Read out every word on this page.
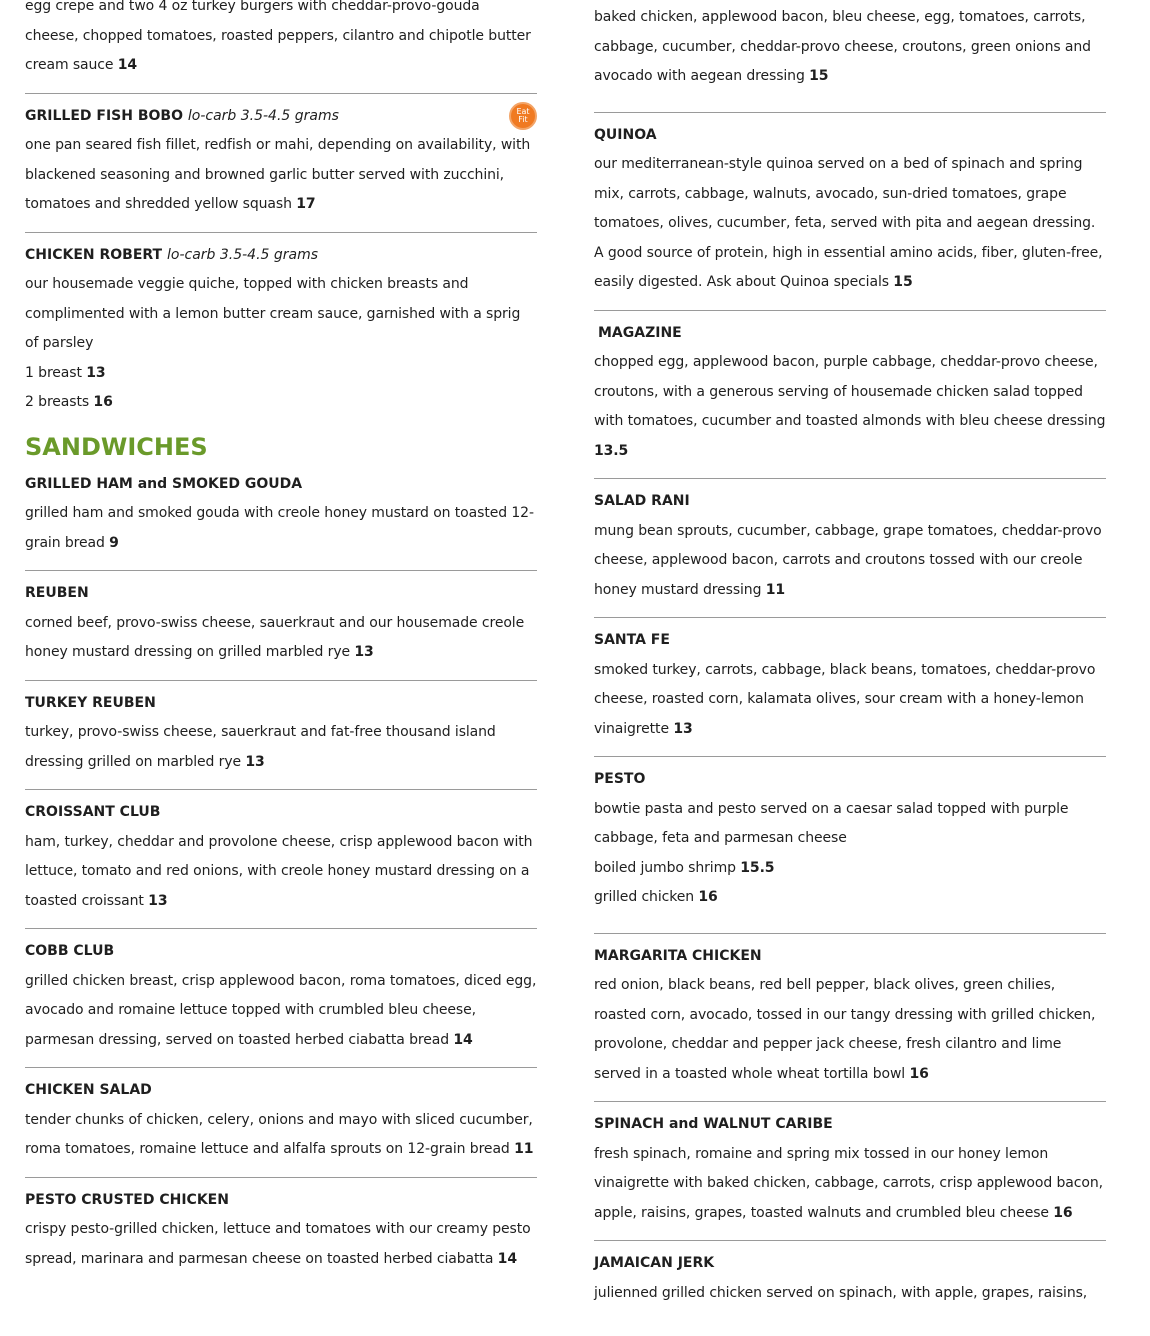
egg crepe and two 4 oz turkey burgers with cheddar-provo-gouda cheese, chopped tomatoes, roasted peppers, cilantro and chipotle butter cream sauce 14

GRILLED FISH BOBO lo-carb 3.5-4.5 grams	Eat
Fit

one pan seared fish fillet, redfish or mahi, depending on availability, with blackened seasoning and browned garlic butter served with zucchini, tomatoes and shredded yellow squash 17

CHICKEN ROBERT lo-carb 3.5-4.5 grams

our housemade veggie quiche, topped with chicken breasts and complimented with a lemon butter cream sauce, garnished with a sprig of parsley

1 breast 13

2 breasts 16

SANDWICHES

GRILLED HAM and SMOKED GOUDA

grilled ham and smoked gouda with creole honey mustard on toasted 12-grain bread 9

REUBEN

corned beef, provo-swiss cheese, sauerkraut and our housemade creole honey mustard dressing on grilled marbled rye 13

TURKEY REUBEN

turkey, provo-swiss cheese, sauerkraut and fat-free thousand island dressing grilled on marbled rye 13

CROISSANT CLUB

ham, turkey, cheddar and provolone cheese, crisp applewood bacon with lettuce, tomato and red onions, with creole honey mustard dressing on a toasted croissant 13

COBB CLUB

grilled chicken breast, crisp applewood bacon, roma tomatoes, diced egg, avocado and romaine lettuce topped with crumbled bleu cheese, parmesan dressing, served on toasted herbed ciabatta bread 14

CHICKEN SALAD

tender chunks of chicken, celery, onions and mayo with sliced cucumber, roma tomatoes, romaine lettuce and alfalfa sprouts on 12-grain bread 11

PESTO CRUSTED CHICKEN

crispy pesto-grilled chicken, lettuce and tomatoes with our creamy pesto spread, marinara and parmesan cheese on toasted herbed ciabatta 14

baked chicken, applewood bacon, bleu cheese, egg, tomatoes, carrots, cabbage, cucumber, cheddar-provo cheese, croutons, green onions and avocado with aegean dressing 15

QUINOA

our mediterranean-style quinoa served on a bed of spinach and spring mix, carrots, cabbage, walnuts, avocado, sun-dried tomatoes, grape tomatoes, olives, cucumber, feta, served with pita and aegean dressing. A good source of protein, high in essential amino acids, fiber, gluten-free, easily digested. Ask about Quinoa specials 15

MAGAZINE

chopped egg, applewood bacon, purple cabbage, cheddar-provo cheese, croutons, with a generous serving of housemade chicken salad topped with tomatoes, cucumber and toasted almonds with bleu cheese dressing 13.5

SALAD RANI

mung bean sprouts, cucumber, cabbage, grape tomatoes, cheddar-provo cheese, applewood bacon, carrots and croutons tossed with our creole honey mustard dressing 11

SANTA FE

smoked turkey, carrots, cabbage, black beans, tomatoes, cheddar-provo cheese, roasted corn, kalamata olives, sour cream with a honey-lemon vinaigrette 13

PESTO

bowtie pasta and pesto served on a caesar salad topped with purple cabbage, feta and parmesan cheese

boiled jumbo shrimp 15.5

grilled chicken 16

MARGARITA CHICKEN

red onion, black beans, red bell pepper, black olives, green chilies, roasted corn, avocado, tossed in our tangy dressing with grilled chicken, provolone, cheddar and pepper jack cheese, fresh cilantro and lime served in a toasted whole wheat tortilla bowl 16

SPINACH and WALNUT CARIBE

fresh spinach, romaine and spring mix tossed in our honey lemon vinaigrette with baked chicken, cabbage, carrots, crisp applewood bacon, apple, raisins, grapes, toasted walnuts and crumbled bleu cheese 16

JAMAICAN JERK

julienned grilled chicken served on spinach, with apple, grapes, raisins,
